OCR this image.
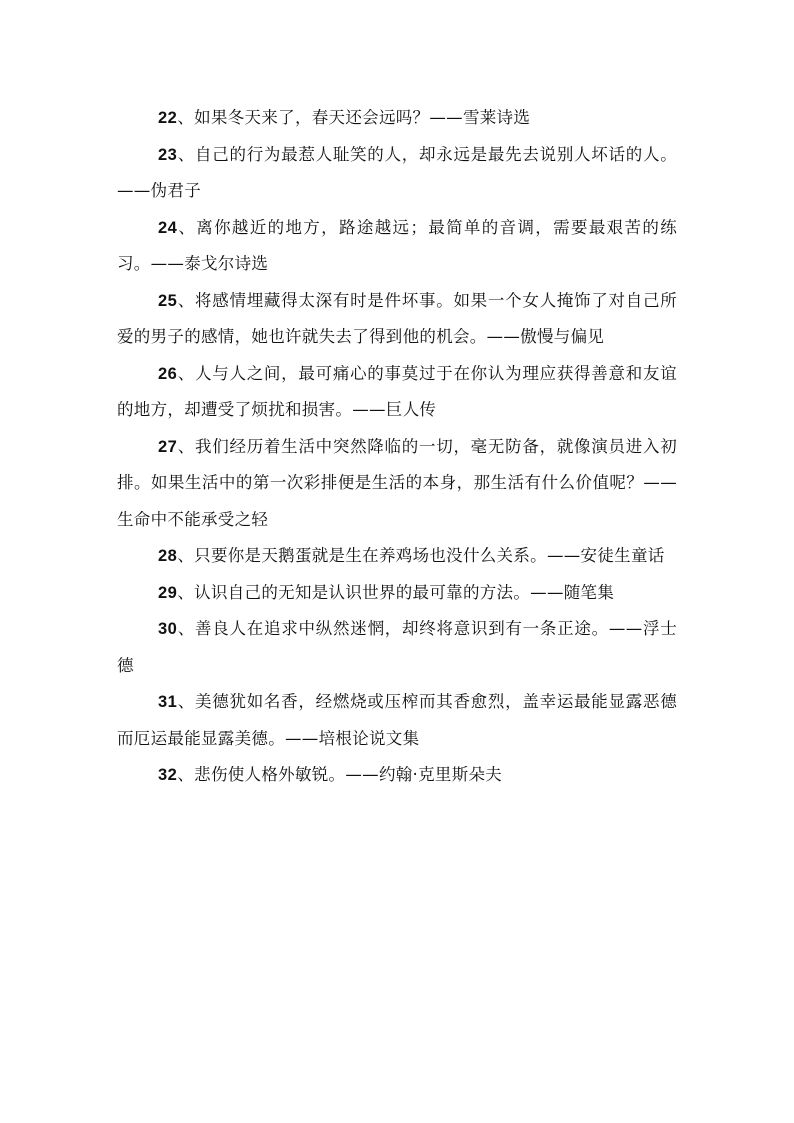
22、如果冬天来了，春天还会远吗？——雪莱诗选

23、自己的行为最惹人耻笑的人，却永远是最先去说别人坏话的人。——伪君子

24、离你越近的地方，路途越远；最简单的音调，需要最艰苦的练习。——泰戈尔诗选

25、将感情埋藏得太深有时是件坏事。如果一个女人掩饰了对自己所爱的男子的感情，她也许就失去了得到他的机会。——傲慢与偏见

26、人与人之间，最可痛心的事莫过于在你认为理应获得善意和友谊的地方，却遭受了烦扰和损害。——巨人传

27、我们经历着生活中突然降临的一切，毫无防备，就像演员进入初排。如果生活中的第一次彩排便是生活的本身，那生活有什么价值呢？——生命中不能承受之轻

28、只要你是天鹅蛋就是生在养鸡场也没什么关系。——安徒生童话

29、认识自己的无知是认识世界的最可靠的方法。——随笔集

30、善良人在追求中纵然迷惘，却终将意识到有一条正途。——浮士德

31、美德犹如名香，经燃烧或压榨而其香愈烈，盖幸运最能显露恶德而厄运最能显露美德。——培根论说文集

32、悲伤使人格外敏锐。——约翰·克里斯朵夫
